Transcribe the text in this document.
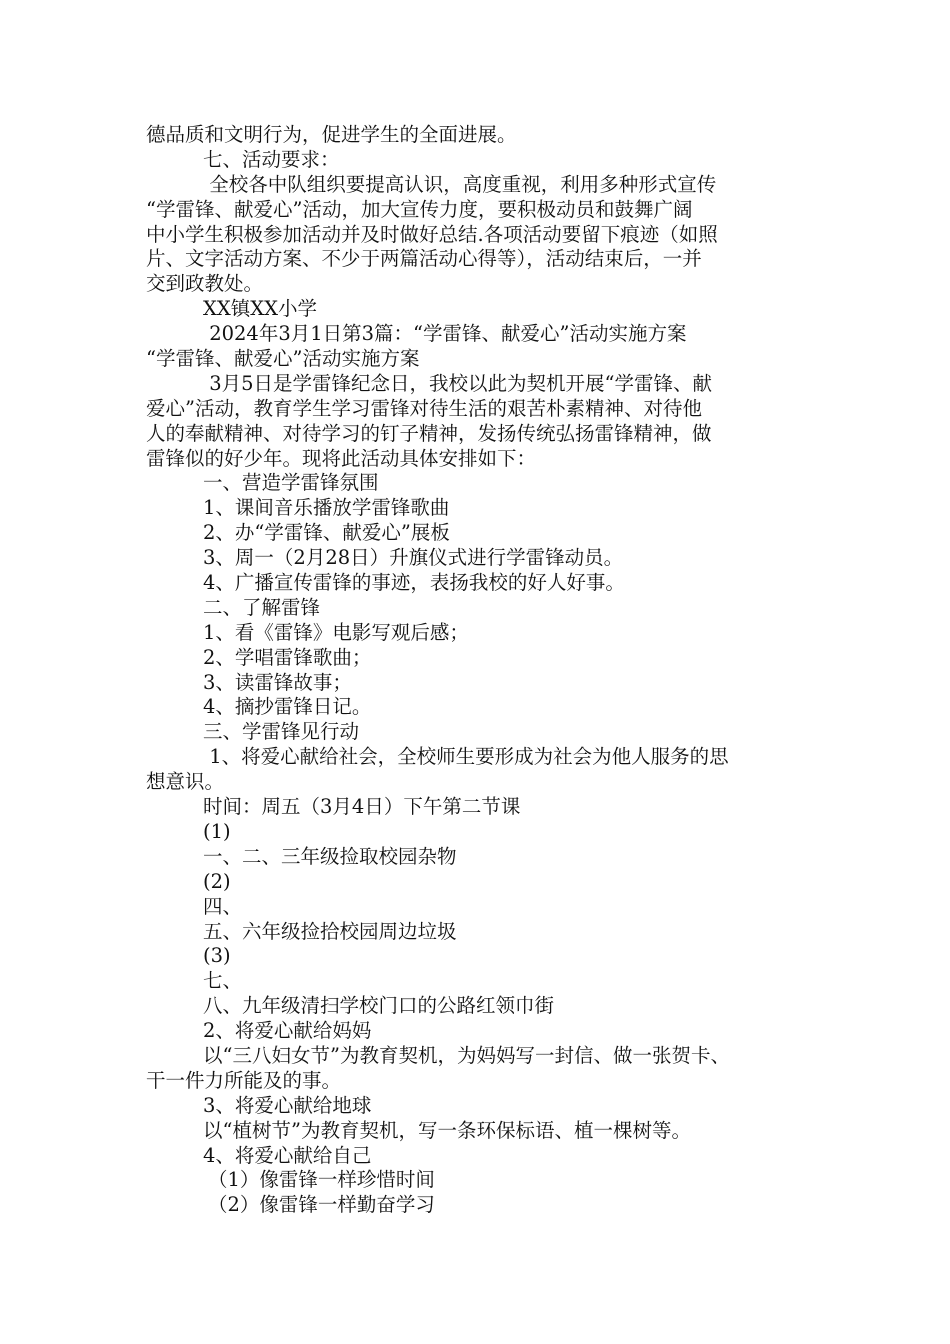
德品质和文明行为，促进学生的全面进展。
七、活动要求：
全校各中队组织要提高认识，高度重视，利用多种形式宣传
“学雷锋、献爱心”活动，加大宣传力度，要积极动员和鼓舞广阔
中小学生积极参加活动并及时做好总结.各项活动要留下痕迹（如照
片、文字活动方案、不少于两篇活动心得等），活动结束后，一并
交到政教处。
XX镇XX小学
2024年3月1日第3篇：“学雷锋、献爱心”活动实施方案
“学雷锋、献爱心”活动实施方案
3月5日是学雷锋纪念日，我校以此为契机开展“学雷锋、献
爱心”活动，教育学生学习雷锋对待生活的艰苦朴素精神、对待他
人的奉献精神、对待学习的钉子精神，发扬传统弘扬雷锋精神，做
雷锋似的好少年。现将此活动具体安排如下：
一、营造学雷锋氛围
1、课间音乐播放学雷锋歌曲
2、办“学雷锋、献爱心”展板
3、周一（2月28日）升旗仪式进行学雷锋动员。
4、广播宣传雷锋的事迹，表扬我校的好人好事。
二、了解雷锋
1、看《雷锋》电影写观后感；
2、学唱雷锋歌曲；
3、读雷锋故事；
4、摘抄雷锋日记。
三、学雷锋见行动
1、将爱心献给社会，全校师生要形成为社会为他人服务的思
想意识。
时间：周五（3月4日）下午第二节课
(1)
一、二、三年级捡取校园杂物
(2)
四、
五、六年级捡拾校园周边垃圾
(3)
七、
八、九年级清扫学校门口的公路红领巾街
2、将爱心献给妈妈
以“三八妇女节”为教育契机，为妈妈写一封信、做一张贺卡、
干一件力所能及的事。
3、将爱心献给地球
以“植树节”为教育契机，写一条环保标语、植一棵树等。
4、将爱心献给自己
（1）像雷锋一样珍惜时间
（2）像雷锋一样勤奋学习
